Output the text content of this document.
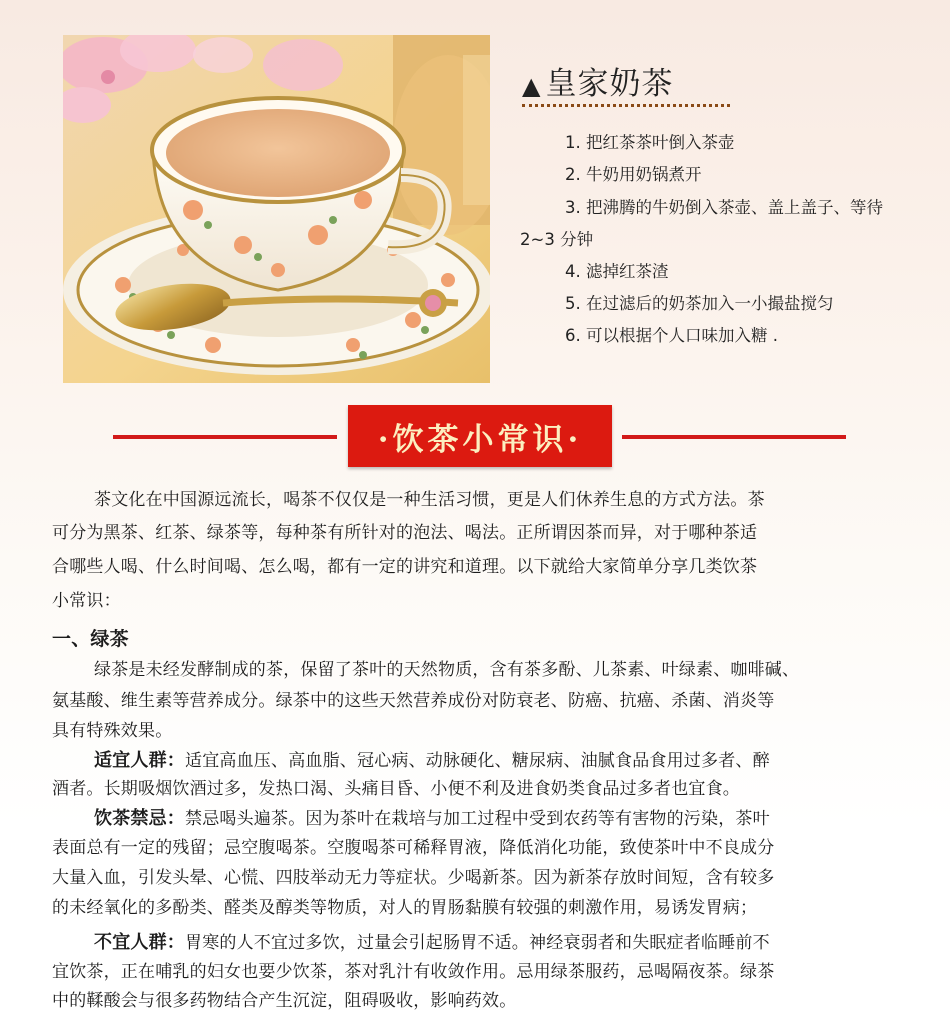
▲ 皇家奶茶
1. 把红茶茶叶倒入茶壶
2. 牛奶用奶锅煮开
3. 把沸腾的牛奶倒入茶壶、盖上盖子、等待
2~3 分钟
4. 滤掉红茶渣
5. 在过滤后的奶茶加入一小撮盐搅匀
6. 可以根据个人口味加入糖 .
·饮茶小常识·
茶文化在中国源远流长，喝茶不仅仅是一种生活习惯，更是人们休养生息的方式方法。茶
可分为黑茶、红茶、绿茶等，每种茶有所针对的泡法、喝法。正所谓因茶而异，对于哪种茶适
合哪些人喝、什么时间喝、怎么喝，都有一定的讲究和道理。以下就给大家简单分享几类饮茶
小常识：
一、绿茶
绿茶是未经发酵制成的茶，保留了茶叶的天然物质，含有茶多酚、儿茶素、叶绿素、咖啡碱、
氨基酸、维生素等营养成分。绿茶中的这些天然营养成份对防衰老、防癌、抗癌、杀菌、消炎等
具有特殊效果。
适宜人群：适宜高血压、高血脂、冠心病、动脉硬化、糖尿病、油腻食品食用过多者、醉
酒者。长期吸烟饮酒过多，发热口渴、头痛目昏、小便不利及进食奶类食品过多者也宜食。
饮茶禁忌：禁忌喝头遍茶。因为茶叶在栽培与加工过程中受到农药等有害物的污染，茶叶
表面总有一定的残留；忌空腹喝茶。空腹喝茶可稀释胃液，降低消化功能，致使茶叶中不良成分
大量入血，引发头晕、心慌、四肢举动无力等症状。少喝新茶。因为新茶存放时间短，含有较多
的未经氧化的多酚类、醛类及醇类等物质，对人的胃肠黏膜有较强的刺激作用，易诱发胃病；
不宜人群：胃寒的人不宜过多饮，过量会引起肠胃不适。神经衰弱者和失眠症者临睡前不
宜饮茶，正在哺乳的妇女也要少饮茶，茶对乳汁有收敛作用。忌用绿茶服药，忌喝隔夜茶。绿茶
中的鞣酸会与很多药物结合产生沉淀，阻碍吸收，影响药效。
